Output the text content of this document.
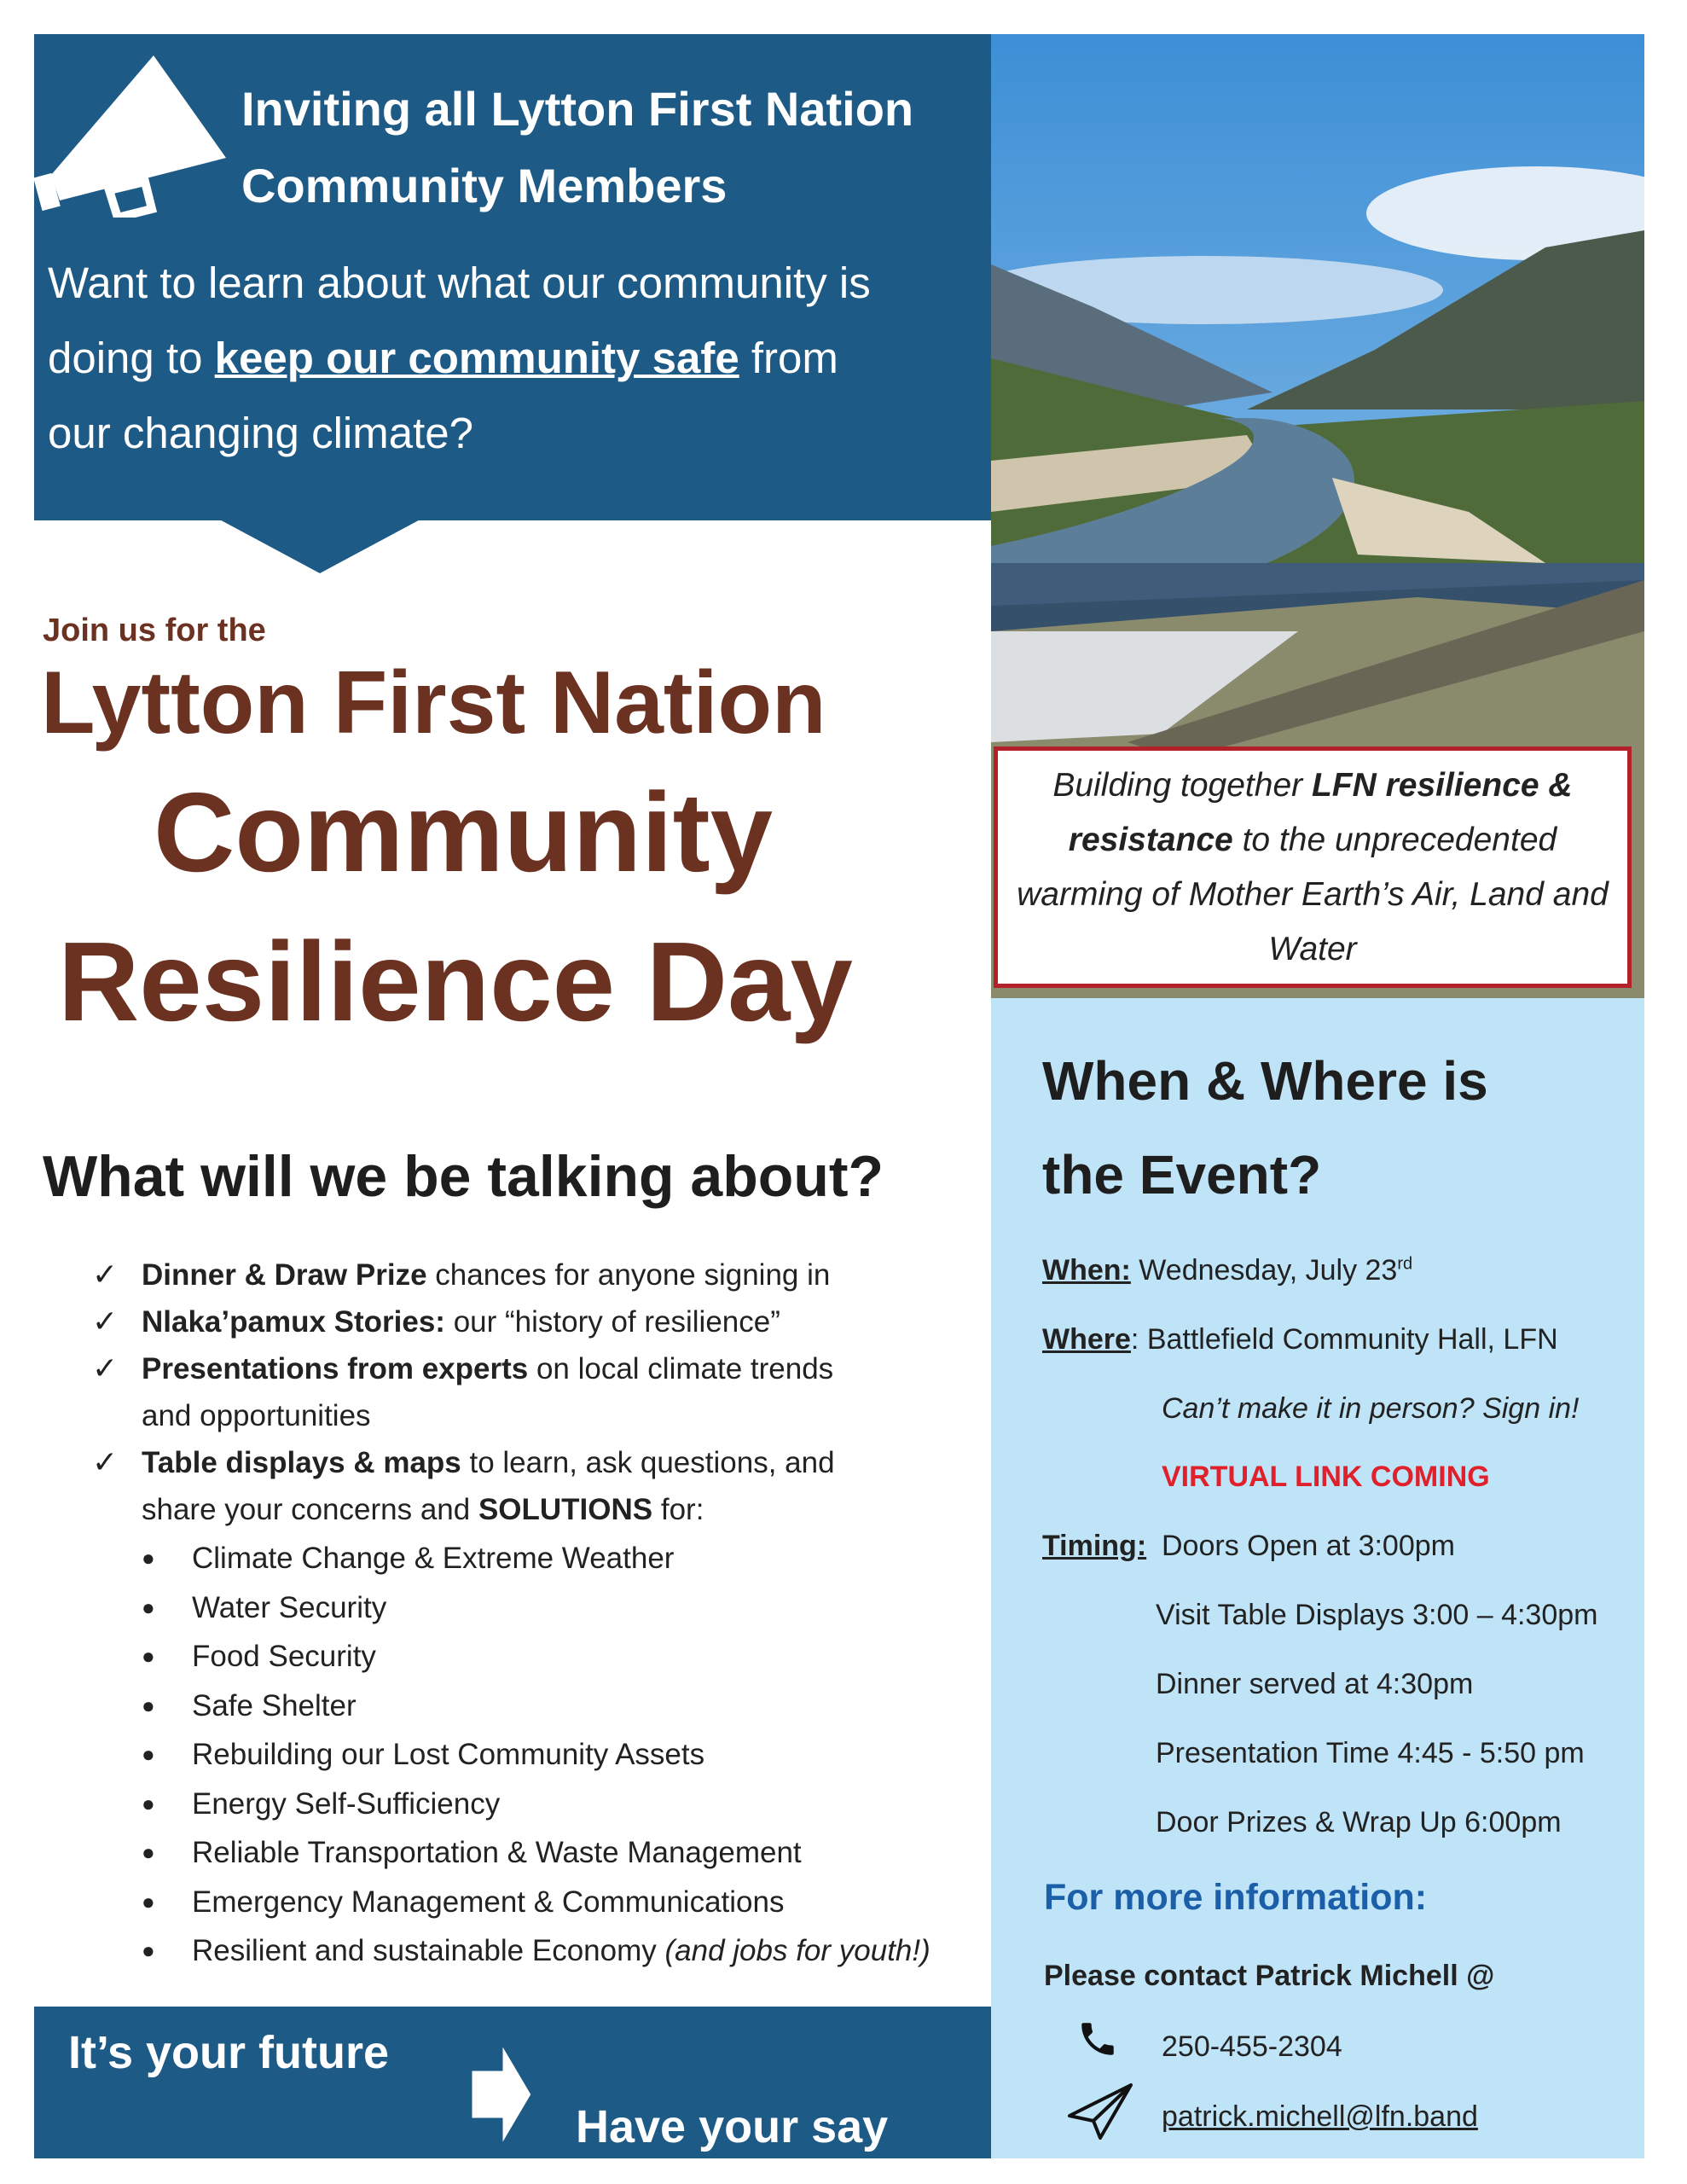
Inviting all Lytton First Nation
Community Members
Want to learn about what our community is
doing to keep our community safe from
our changing climate?
Building together LFN resilience & resistance to the unprecedented warming of Mother Earth’s Air, Land and Water
Join us for the
Lytton First Nation
Community
Resilience Day
What will we be talking about?
✓ Dinner & Draw Prize chances for anyone signing in
✓ Nlaka’pamux Stories: our “history of resilience”
✓ Presentations from experts on local climate trends
and opportunities
✓ Table displays & maps to learn, ask questions, and
share your concerns and SOLUTIONS for:
● Climate Change & Extreme Weather
● Water Security
● Food Security
● Safe Shelter
● Rebuilding our Lost Community Assets
● Energy Self-Sufficiency
● Reliable Transportation & Waste Management
● Emergency Management & Communications
● Resilient and sustainable Economy (and jobs for youth!)
It’s your future
Have your say
When & Where is
the Event?
When: Wednesday, July 23rd
Where: Battlefield Community Hall, LFN
Can’t make it in person? Sign in!
VIRTUAL LINK COMING
Timing: Doors Open at 3:00pm
Visit Table Displays 3:00 – 4:30pm
Dinner served at 4:30pm
Presentation Time 4:45 - 5:50 pm
Door Prizes & Wrap Up 6:00pm
For more information:
Please contact Patrick Michell @
250-455-2304
patrick.michell@lfn.band
